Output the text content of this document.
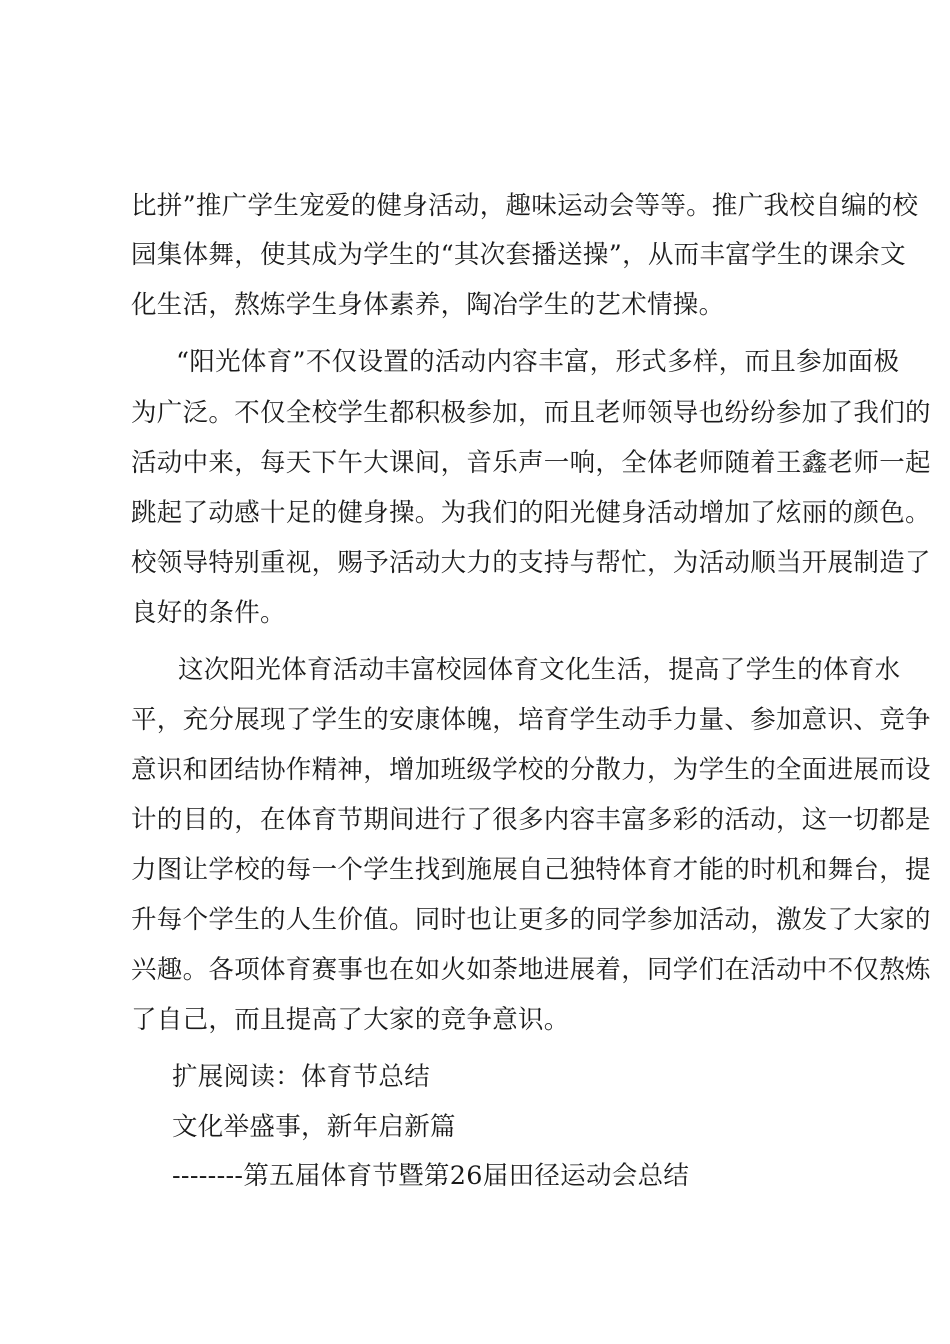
比拼”推广学生宠爱的健身活动，趣味运动会等等。推广我校自编的校
园集体舞，使其成为学生的“其次套播送操”，从而丰富学生的课余文
化生活，熬炼学生身体素养，陶冶学生的艺术情操。
“阳光体育”不仅设置的活动内容丰富，形式多样，而且参加面极
为广泛。不仅全校学生都积极参加，而且老师领导也纷纷参加了我们的
活动中来，每天下午大课间，音乐声一响，全体老师随着王鑫老师一起
跳起了动感十足的健身操。为我们的阳光健身活动增加了炫丽的颜色。
校领导特别重视，赐予活动大力的支持与帮忙，为活动顺当开展制造了
良好的条件。
这次阳光体育活动丰富校园体育文化生活，提高了学生的体育水
平，充分展现了学生的安康体魄，培育学生动手力量、参加意识、竞争
意识和团结协作精神，增加班级学校的分散力，为学生的全面进展而设
计的目的，在体育节期间进行了很多内容丰富多彩的活动，这一切都是
力图让学校的每一个学生找到施展自己独特体育才能的时机和舞台，提
升每个学生的人生价值。同时也让更多的同学参加活动，激发了大家的
兴趣。各项体育赛事也在如火如荼地进展着，同学们在活动中不仅熬炼
了自己，而且提高了大家的竞争意识。
扩展阅读：体育节总结
文化举盛事，新年启新篇
--------第五届体育节暨第26届田径运动会总结
